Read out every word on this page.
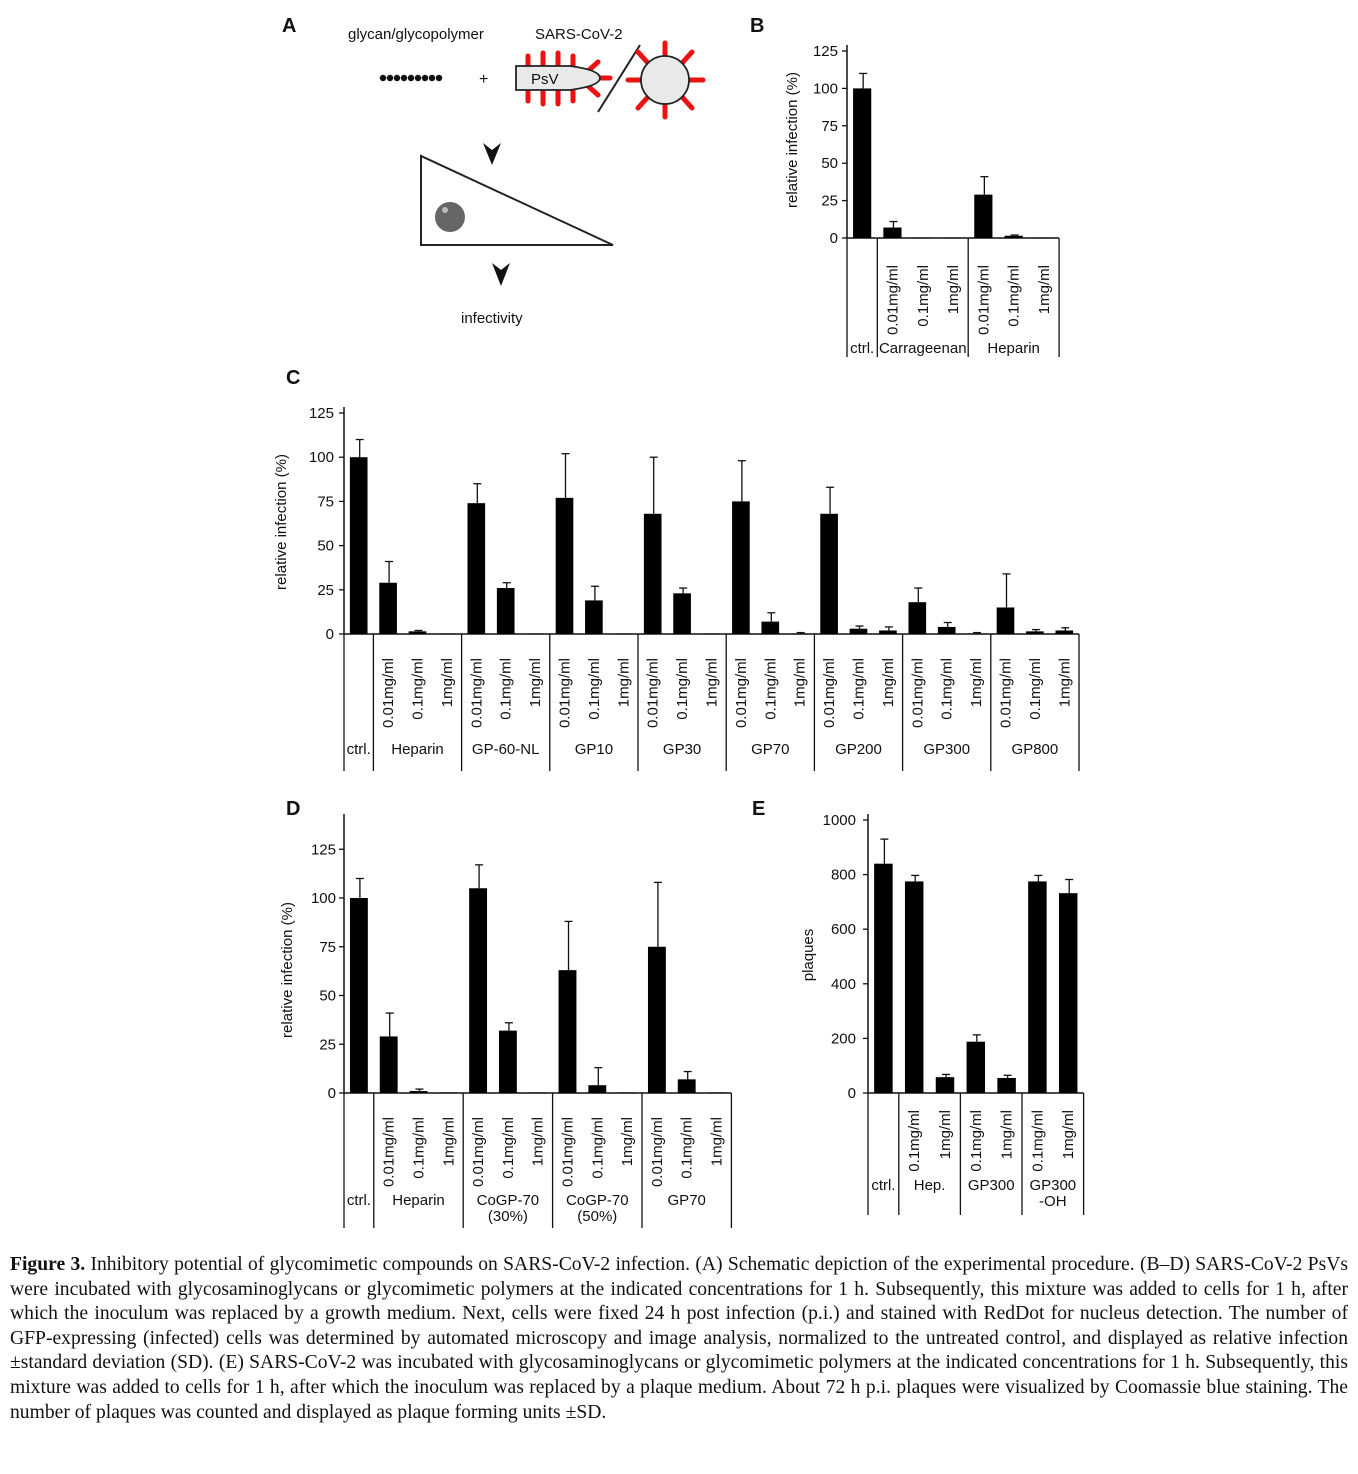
A	glycan/glycopolymer	SARS-CoV-2
+	PsV
infectivity
B
C
D	E
0
25
50
75
100
125
relative infection (%)
ctrl.
0.01mg/ml 0.1mg/ml 1mg/ml
Carrageenan
0.01mg/ml 0.1mg/ml 1mg/ml
Heparin
0
25
50
75
100
125
relative infection (%)
ctrl.
0.01mg/ml 0.1mg/ml 1mg/ml
Heparin
0.01mg/ml 0.1mg/ml 1mg/ml
GP-60-NL
0.01mg/ml 0.1mg/ml 1mg/ml
GP10
0.01mg/ml 0.1mg/ml 1mg/ml
GP30
0.01mg/ml 0.1mg/ml 1mg/ml
GP70
0.01mg/ml 0.1mg/ml 1mg/ml
GP200
0.01mg/ml 0.1mg/ml 1mg/ml
GP300
0.01mg/ml 0.1mg/ml 1mg/ml
GP800
0
25
50
75
100
125
relative infection (%)
ctrl.
0.01mg/ml 0.1mg/ml 1mg/ml
Heparin
0.01mg/ml 0.1mg/ml 1mg/ml
CoGP-70
(30%)
0.01mg/ml 0.1mg/ml 1mg/ml
CoGP-70
(50%)
0.01mg/ml 0.1mg/ml 1mg/ml
GP70
0
200
400
600
800
1000
plaques
ctrl.
0.1mg/ml 1mg/ml
Hep.
0.1mg/ml 1mg/ml
GP300
0.1mg/ml 1mg/ml
GP300
-OH
Figure 3. Inhibitory potential of glycomimetic compounds on SARS-CoV-2 infection. (A) Schematic depiction of the experimental procedure. (B–D) SARS-CoV-2 PsVs were incubated with glycosaminoglycans or glycomimetic polymers at the indicated concentrations for 1 h. Subsequently, this mixture was added to cells for 1 h, after which the inoculum was replaced by a growth medium. Next, cells were fixed 24 h post infection (p.i.) and stained with RedDot for nucleus detection. The number of GFP-expressing (infected) cells was determined by automated microscopy and image analysis, normalized to the untreated control, and displayed as relative infection ±standard deviation (SD). (E) SARS-CoV-2 was incubated with glycosaminoglycans or glycomimetic polymers at the indicated concentrations for 1 h. Subsequently, this mixture was added to cells for 1 h, after which the inoculum was replaced by a plaque medium. About 72 h p.i. plaques were visualized by Coomassie blue staining. The number of plaques was counted and displayed as plaque forming units ±SD.
